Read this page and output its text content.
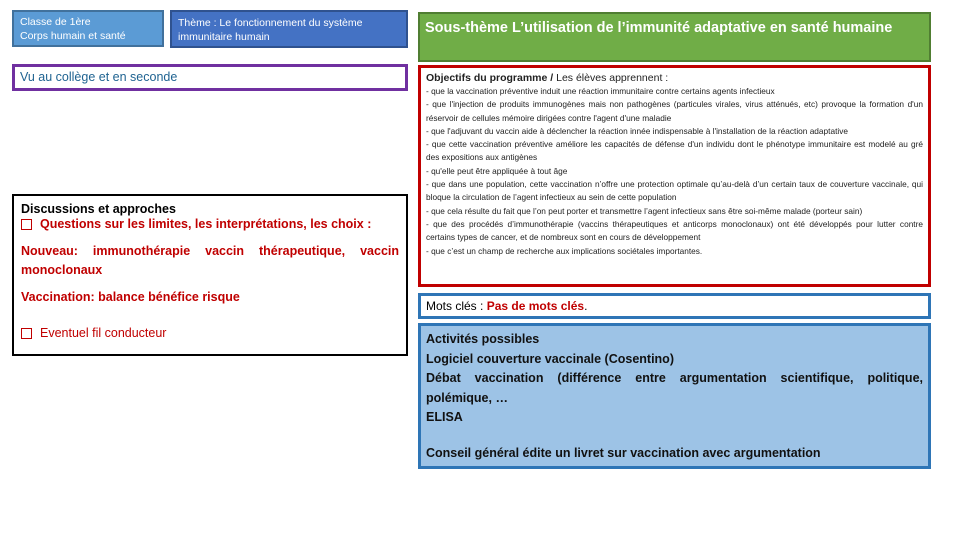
Classe de 1ère
Corps humain et santé
Thème : Le fonctionnement du système immunitaire humain
Sous-thème L’utilisation de l’immunité adaptative en santé humaine
Vu au collège et en seconde	Objectifs du programme / Les élèves apprennent :
- que la vaccination préventive induit une réaction immunitaire contre certains agents infectieux
- que l'injection de produits immunogènes mais non pathogènes (particules virales, virus atténués, etc) provoque la formation d'un réservoir de cellules mémoire dirigées contre l'agent d'une maladie
- que l'adjuvant du vaccin aide à déclencher la réaction innée indispensable à l'installation de la réaction adaptative
- que cette vaccination préventive améliore les capacités de défense d'un individu dont le phénotype immunitaire est modelé au gré des expositions aux antigènes
- qu'elle peut être appliquée à tout âge
- que dans une population, cette vaccination n’offre une protection optimale qu’au-delà d’un certain taux de couverture vaccinale, qui bloque la circulation de l’agent infectieux au sein de cette population
- que cela résulte du fait que l’on peut porter et transmettre l’agent infectieux sans être soi-même malade (porteur sain)
- que des procédés d’immunothérapie (vaccins thérapeutiques et anticorps monoclonaux) ont été développés pour lutter contre certains types de cancer, et de nombreux sont en cours de développement
- que c’est un champ de recherche aux implications sociétales importantes.

Discussions et approches

Questions sur les limites, les interprétations, les choix :

Nouveau: immunothérapie vaccin thérapeutique, vaccin monoclonaux

Vaccination: balance bénéfice risque

Eventuel fil conducteur

Mots clés : Pas de mots clés.
Activités possibles
Logiciel couverture vaccinale (Cosentino)
Débat vaccination (différence entre argumentation scientifique, politique, polémique, …
ELISA
Conseil général édite un livret sur vaccination avec argumentation
